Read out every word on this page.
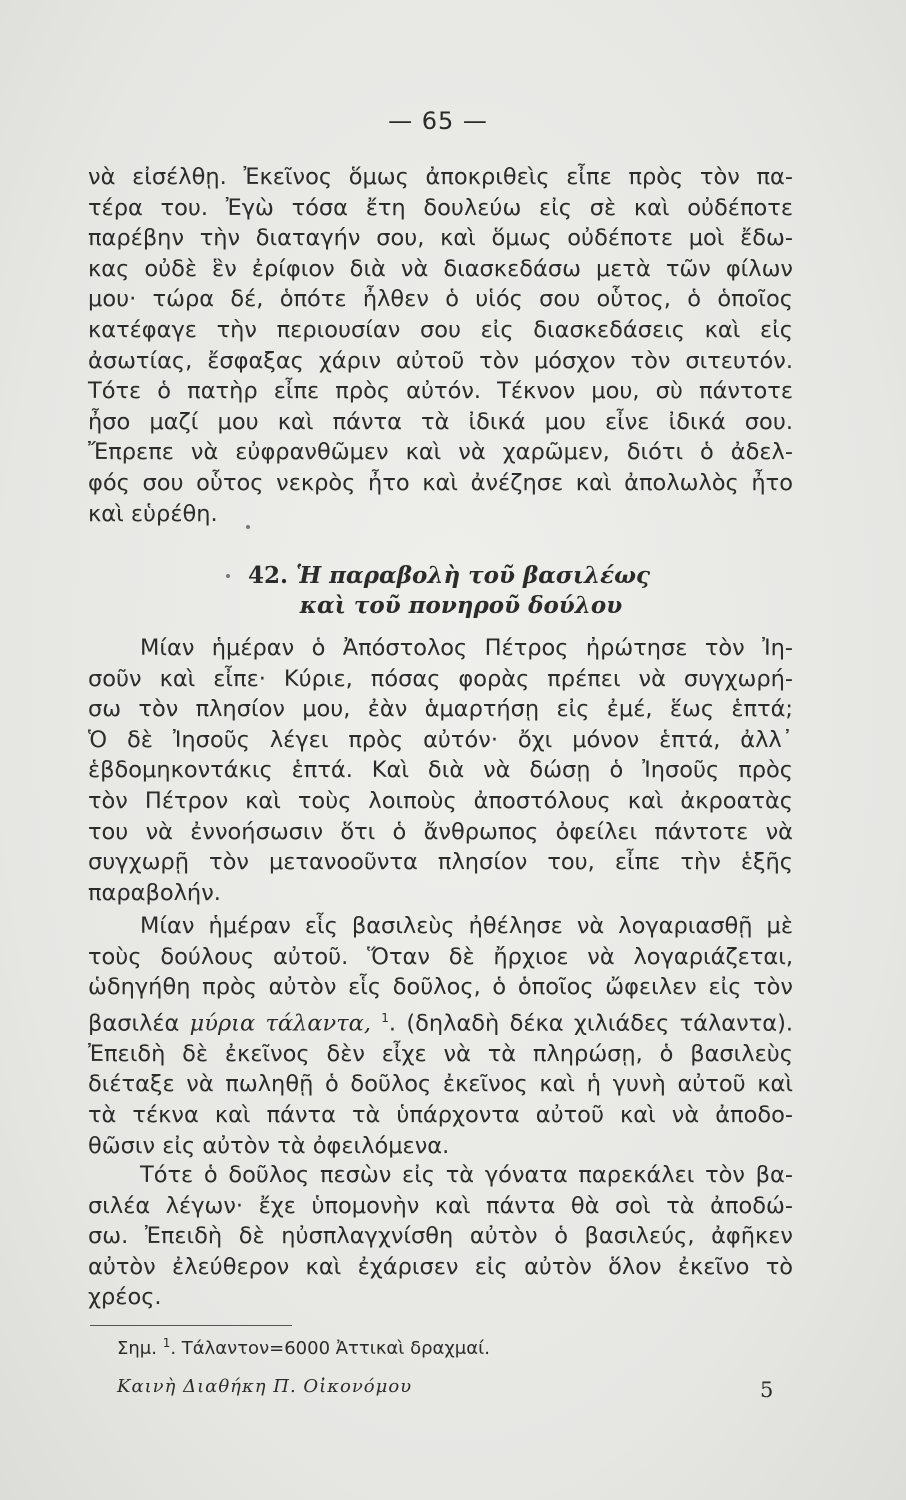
— 65 —
νὰ εἰσέλθῃ. Ἐκεῖνος ὅμως ἀποκριθεὶς εἶπε πρὸς τὸν πα-
τέρα του. Ἐγὼ τόσα ἔτη δουλεύω εἰς σὲ καὶ οὐδέποτε
παρέβην τὴν διαταγήν σου, καὶ ὅμως οὐδέποτε μοὶ ἔδω-
κας οὐδὲ ἓν ἐρίφιον διὰ νὰ διασκεδάσω μετὰ τῶν φίλων
μου· τώρα δέ, ὁπότε ἦλθεν ὁ υἱός σου οὗτος, ὁ ὁποῖος
κατέφαγε τὴν περιουσίαν σου εἰς διασκεδάσεις καὶ εἰς
ἀσωτίας, ἔσφαξας χάριν αὐτοῦ τὸν μόσχον τὸν σιτευτόν.
Τότε ὁ πατὴρ εἶπε πρὸς αὐτόν. Τέκνον μου, σὺ πάντοτε
ἦσο μαζί μου καὶ πάντα τὰ ἰδικά μου εἶνε ἰδικά σου.
Ἔπρεπε νὰ εὐφρανθῶμεν καὶ νὰ χαρῶμεν, διότι ὁ ἀδελ-
φός σου οὗτος νεκρὸς ἦτο καὶ ἀνέζησε καὶ ἀπολωλὸς ἦτο
καὶ εὑρέθη.
42. Ἡ παραβολὴ τοῦ βασιλέως
καὶ τοῦ πονηροῦ δούλου
Μίαν ἡμέραν ὁ Ἀπόστολος Πέτρος ἠρώτησε τὸν Ἰη-
σοῦν καὶ εἶπε· Κύριε, πόσας φορὰς πρέπει νὰ συγχωρή-
σω τὸν πλησίον μου, ἐὰν ἁμαρτήσῃ εἰς ἐμέ, ἕως ἑπτά;
Ὁ δὲ Ἰησοῦς λέγει πρὸς αὐτόν· ὄχι μόνον ἑπτά, ἀλλ᾽
ἑβδομηκοντάκις ἑπτά. Καὶ διὰ νὰ δώσῃ ὁ Ἰησοῦς πρὸς
τὸν Πέτρον καὶ τοὺς λοιποὺς ἀποστόλους καὶ ἀκροατὰς
του νὰ ἐννοήσωσιν ὅτι ὁ ἄνθρωπος ὀφείλει πάντοτε νὰ
συγχωρῇ τὸν μετανοοῦντα πλησίον του, εἶπε τὴν ἑξῆς
παραβολήν.
Μίαν ἡμέραν εἷς βασιλεὺς ἠθέλησε νὰ λογαριασθῇ μὲ
τοὺς δούλους αὐτοῦ. Ὅταν δὲ ἤρχιοε νὰ λογαριάζεται,
ὡδηγήθη πρὸς αὐτὸν εἷς δοῦλος, ὁ ὁποῖος ὤφειλεν εἰς τὸν
βασιλέα μύρια τάλαντα, $^1$. (δηλαδὴ δέκα χιλιάδες τάλαντα).
Ἐπειδὴ δὲ ἐκεῖνος δὲν εἶχε νὰ τὰ πληρώσῃ, ὁ βασιλεὺς
διέταξε νὰ πωληθῇ ὁ δοῦλος ἐκεῖνος καὶ ἡ γυνὴ αὐτοῦ καὶ
τὰ τέκνα καὶ πάντα τὰ ὑπάρχοντα αὐτοῦ καὶ νὰ ἀποδο-
θῶσιν εἰς αὐτὸν τὰ ὀφειλόμενα.
Τότε ὁ δοῦλος πεσὼν εἰς τὰ γόνατα παρεκάλει τὸν βα-
σιλέα λέγων· ἔχε ὑπομονὴν καὶ πάντα θὰ σοὶ τὰ ἀποδώ-
σω. Ἐπειδὴ δὲ ηὐσπλαγχνίσθη αὐτὸν ὁ βασιλεύς, ἀφῆκεν
αὐτὸν ἐλεύθερον καὶ ἐχάρισεν εἰς αὐτὸν ὅλον ἐκεῖνο τὸ
χρέος.
Σημ. $^1$. Τάλαντον=6000 Ἀττικαὶ δραχμαί.
Καινὴ Διαθήκη Π. Οἰκονόμου	5
